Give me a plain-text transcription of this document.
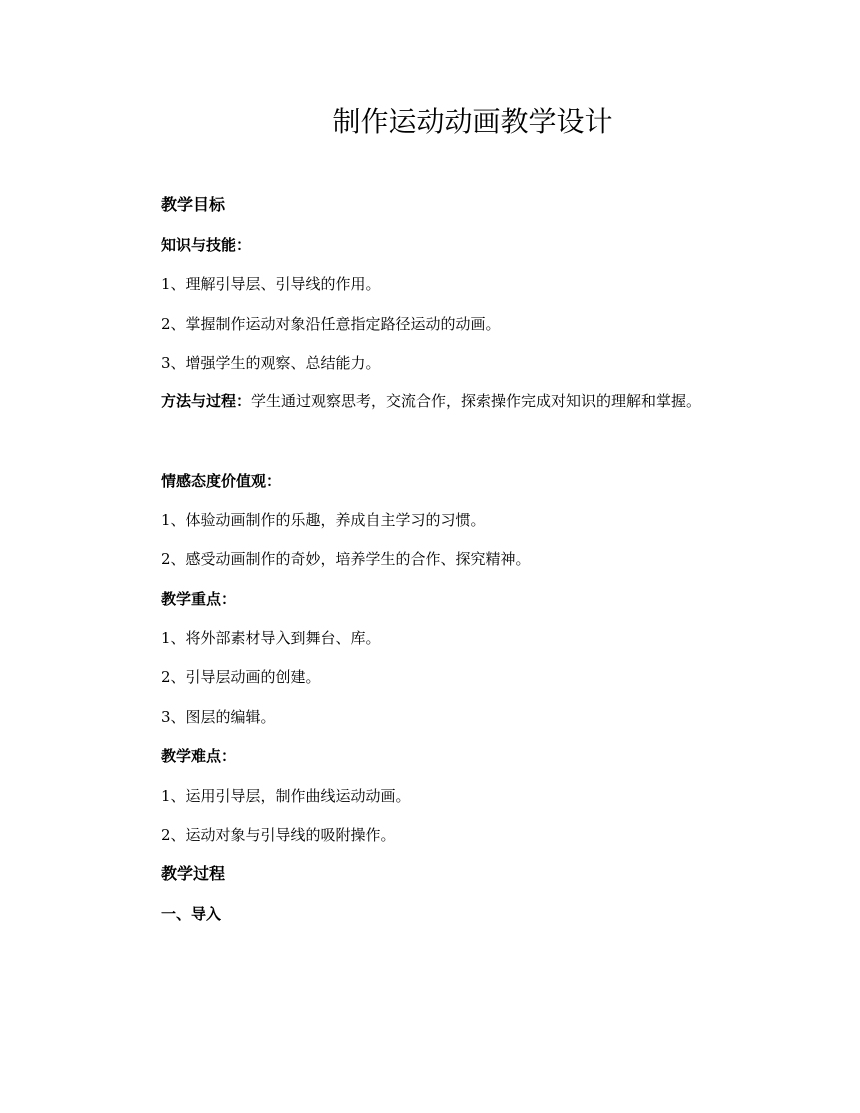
制作运动动画教学设计
教学目标
知识与技能：
1、理解引导层、引导线的作用。
2、掌握制作运动对象沿任意指定路径运动的动画。
3、增强学生的观察、总结能力。

方法与过程：学生通过观察思考，交流合作，探索操作完成对知识的理解和掌握。

情感态度价值观：
1、体验动画制作的乐趣，养成自主学习的习惯。
2、感受动画制作的奇妙，培养学生的合作、探究精神。
教学重点：
1、将外部素材导入到舞台、库。
2、引导层动画的创建。
3、图层的编辑。
教学难点：
1、运用引导层，制作曲线运动动画。
2、运动对象与引导线的吸附操作。
教学过程
一、导入
